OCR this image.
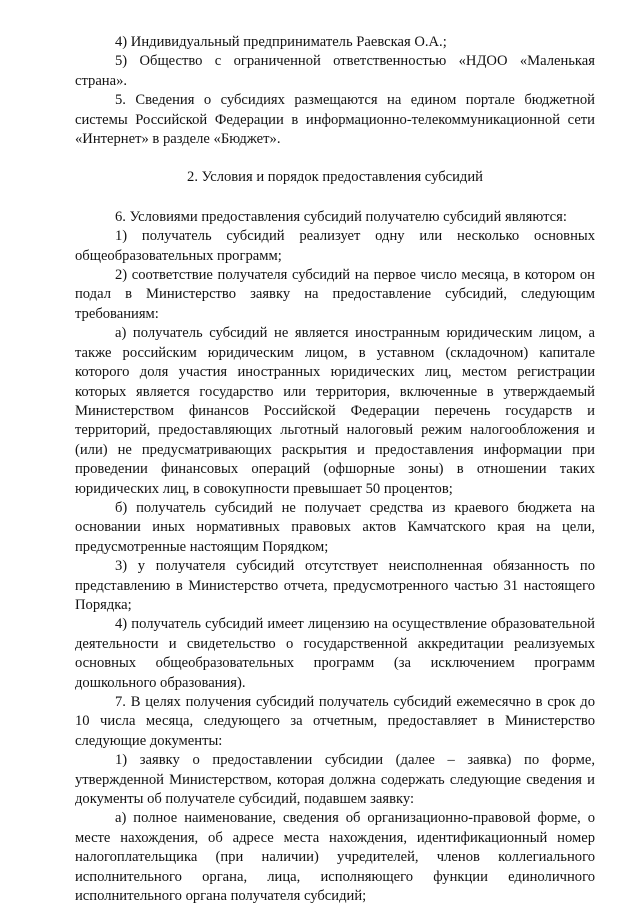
4) Индивидуальный предприниматель Раевская О.А.;

5) Общество с ограниченной ответственностью «НДОО «Маленькая страна».

5. Сведения о субсидиях размещаются на едином портале бюджетной системы Российской Федерации в информационно-телекоммуникационной сети «Интернет» в разделе «Бюджет».

2. Условия и порядок предоставления субсидий

6. Условиями предоставления субсидий получателю субсидий являются:

1) получатель субсидий реализует одну или несколько основных общеобразовательных программ;

2) соответствие получателя субсидий на первое число месяца, в котором он подал в Министерство заявку на предоставление субсидий, следующим требованиям:

а) получатель субсидий не является иностранным юридическим лицом, а также российским юридическим лицом, в уставном (складочном) капитале которого доля участия иностранных юридических лиц, местом регистрации которых является государство или территория, включенные в утверждаемый Министерством финансов Российской Федерации перечень государств и территорий, предоставляющих льготный налоговый режим налогообложения и (или) не предусматривающих раскрытия и предоставления информации при проведении финансовых операций (офшорные зоны) в отношении таких юридических лиц, в совокупности превышает 50 процентов;

б) получатель субсидий не получает средства из краевого бюджета на основании иных нормативных правовых актов Камчатского края на цели, предусмотренные настоящим Порядком;

3) у получателя субсидий отсутствует неисполненная обязанность по представлению в Министерство отчета, предусмотренного частью 31 настоящего Порядка;

4) получатель субсидий имеет лицензию на осуществление образовательной деятельности и свидетельство о государственной аккредитации реализуемых основных общеобразовательных программ (за исключением программ дошкольного образования).

7. В целях получения субсидий получатель субсидий ежемесячно в срок до 10 числа месяца, следующего за отчетным, предоставляет в Министерство следующие документы:

1) заявку о предоставлении субсидии (далее – заявка) по форме, утвержденной Министерством, которая должна содержать следующие сведения и документы об получателе субсидий, подавшем заявку:

а) полное наименование, сведения об организационно-правовой форме, о месте нахождения, об адресе места нахождения, идентификационный номер налогоплательщика (при наличии) учредителей, членов коллегиального исполнительного органа, лица, исполняющего функции единоличного исполнительного органа получателя субсидий;
